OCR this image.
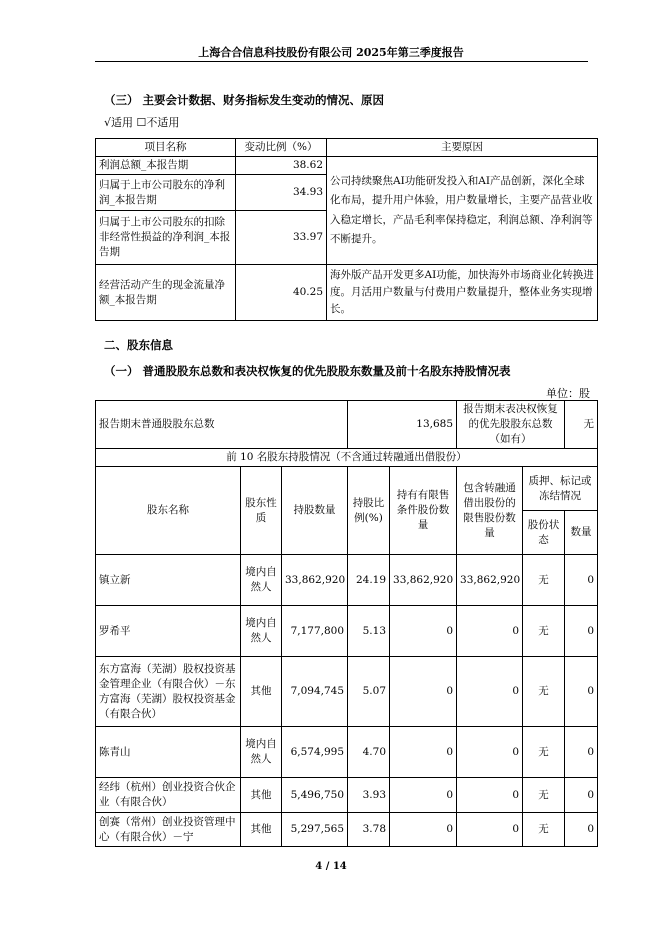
上海合合信息科技股份有限公司 2025年第三季度报告
（三） 主要会计数据、财务指标发生变动的情况、原因
√适用 ☐不适用
项目名称	变动比例（%）	主要原因
利润总额_本报告期	38.62	公司持续聚焦AI功能研发投入和AI产品创新，深化全球化布局，提升用户体验，用户数量增长，主要产品营业收入稳定增长，产品毛利率保持稳定，利润总额、净利润等不断提升。
归属于上市公司股东的净利润_本报告期	34.93	
归属于上市公司股东的扣除非经常性损益的净利润_本报告期	33.97	
经营活动产生的现金流量净额_本报告期	40.25	海外版产品开发更多AI功能，加快海外市场商业化转换进度。月活用户数量与付费用户数量提升，整体业务实现增长。
二、股东信息
（一） 普通股股东总数和表决权恢复的优先股股东数量及前十名股东持股情况表
单位：股
报告期末普通股股东总数			13,685		报告期末表决权恢复的优先股股东总数（如有）		无
前 10 名股东持股情况（不含通过转融通出借股份）							
股东名称	股东性质	持股数量	持股比例(%)	持有有限售条件股份数量	包含转融通借出股份的限售股份数量	质押、标记或冻结情况	
						股份状态	数量
镇立新	境内自然人	33,862,920	24.19	33,862,920	33,862,920	无	0
罗希平	境内自然人	7,177,800	5.13	0	0	无	0
东方富海（芜湖）股权投资基金管理企业（有限合伙）－东方富海（芜湖）股权投资基金（有限合伙）	其他	7,094,745	5.07	0	0	无	0
陈青山	境内自然人	6,574,995	4.70	0	0	无	0
经纬（杭州）创业投资合伙企业（有限合伙）	其他	5,496,750	3.93	0	0	无	0
创赛（常州）创业投资管理中心（有限合伙）－宁	其他	5,297,565	3.78	0	0	无	0
4 / 14
